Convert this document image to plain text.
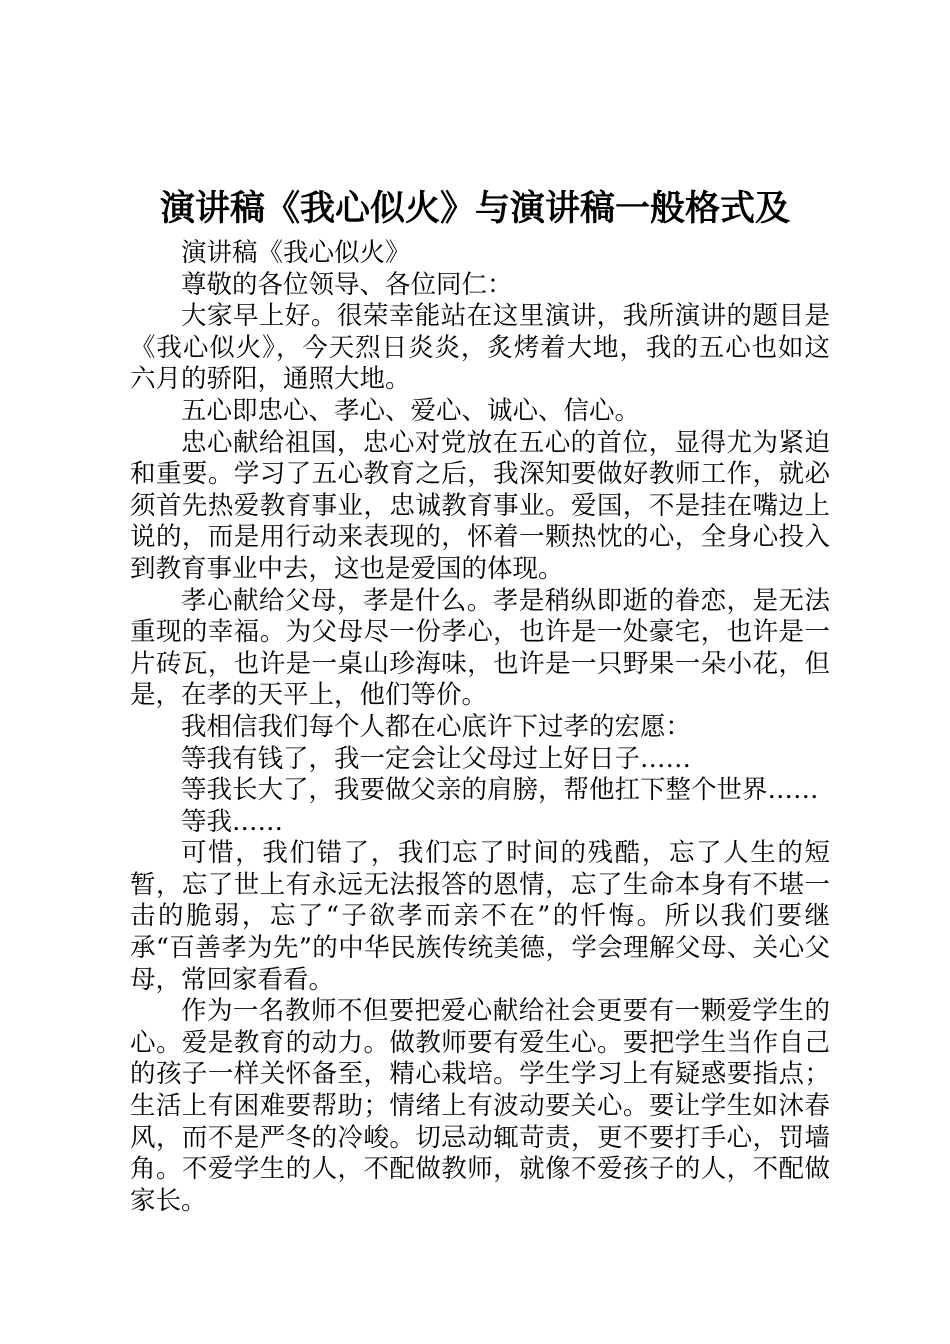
演讲稿《我心似火》与演讲稿一般格式及

演讲稿《我心似火》

尊敬的各位领导、各位同仁：

大家早上好。很荣幸能站在这里演讲，我所演讲的题目是《我心似火》，今天烈日炎炎，炙烤着大地，我的五心也如这六月的骄阳，通照大地。

五心即忠心、孝心、爱心、诚心、信心。

忠心献给祖国，忠心对党放在五心的首位，显得尤为紧迫和重要。学习了五心教育之后，我深知要做好教师工作，就必须首先热爱教育事业，忠诚教育事业。爱国，不是挂在嘴边上说的，而是用行动来表现的，怀着一颗热忱的心，全身心投入到教育事业中去，这也是爱国的体现。

孝心献给父母，孝是什么。孝是稍纵即逝的眷恋，是无法重现的幸福。为父母尽一份孝心，也许是一处豪宅，也许是一片砖瓦，也许是一桌山珍海味，也许是一只野果一朵小花，但是，在孝的天平上，他们等价。

我相信我们每个人都在心底许下过孝的宏愿：

等我有钱了，我一定会让父母过上好日子……

等我长大了，我要做父亲的肩膀，帮他扛下整个世界……

等我……

可惜，我们错了，我们忘了时间的残酷，忘了人生的短暂，忘了世上有永远无法报答的恩情，忘了生命本身有不堪一击的脆弱，忘了“子欲孝而亲不在”的忏悔。所以我们要继承“百善孝为先”的中华民族传统美德，学会理解父母、关心父母，常回家看看。

作为一名教师不但要把爱心献给社会更要有一颗爱学生的心。爱是教育的动力。做教师要有爱生心。要把学生当作自己的孩子一样关怀备至，精心栽培。学生学习上有疑惑要指点；生活上有困难要帮助；情绪上有波动要关心。要让学生如沐春风，而不是严冬的冷峻。切忌动辄苛责，更不要打手心，罚墙角。不爱学生的人，不配做教师，就像不爱孩子的人，不配做家长。
